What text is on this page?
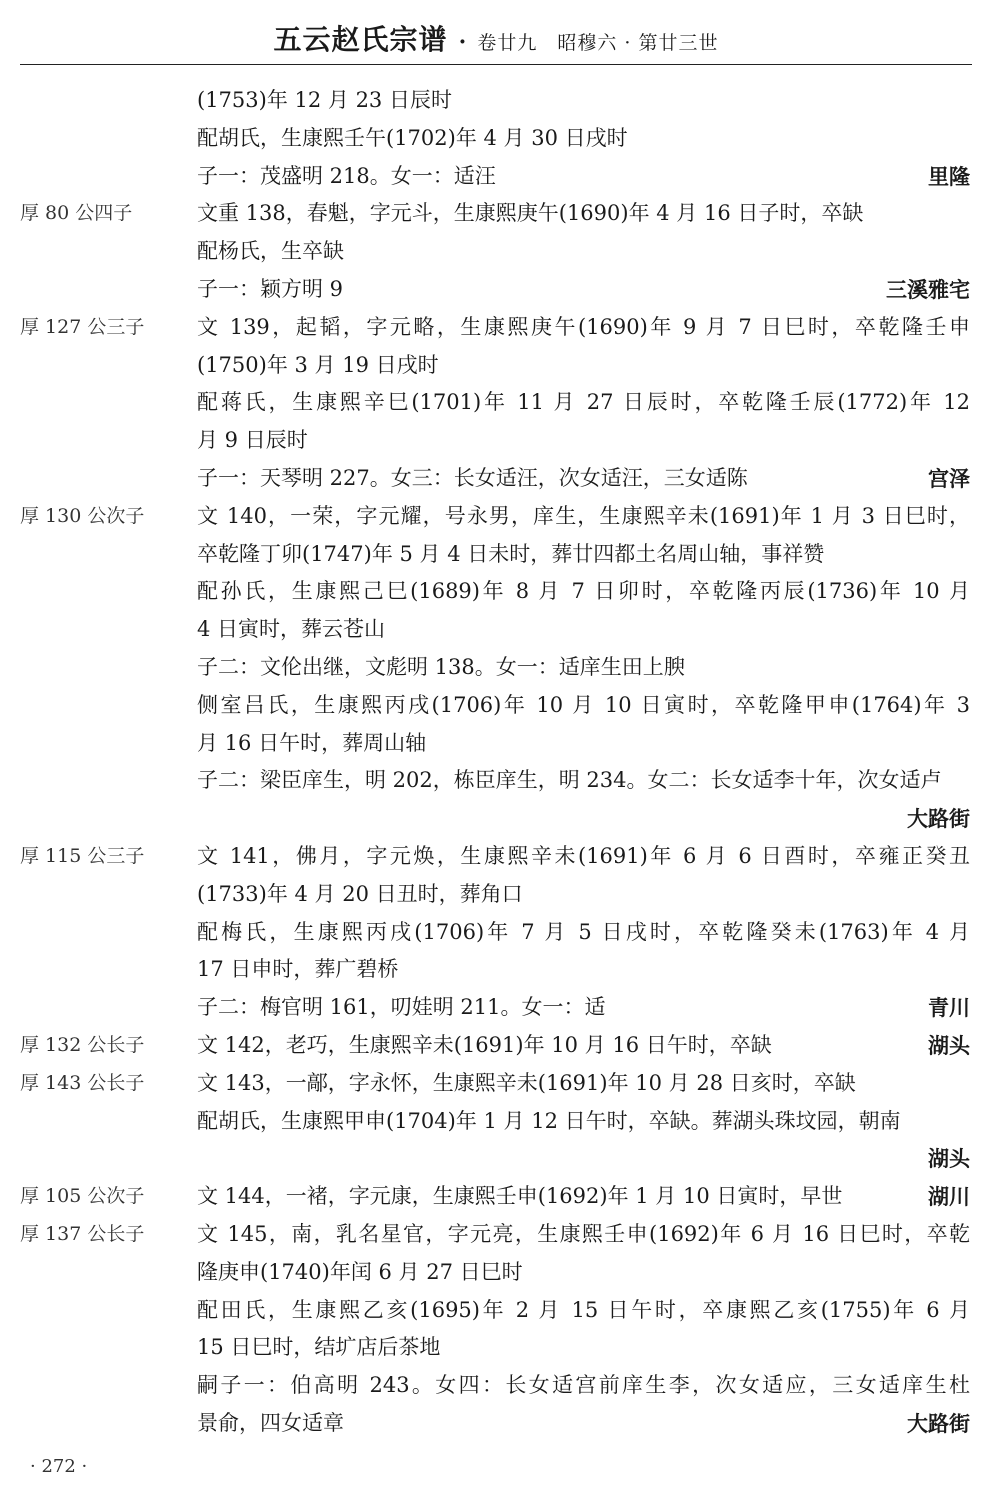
五云赵氏宗谱 · 卷廿九　昭穆六 · 第廿三世
(1753)年 12 月 23 日辰时
配胡氏，生康熙壬午(1702)年 4 月 30 日戌时
子一：茂盛明 218。女一：适汪	里隆
厚 80 公四子	文重 138，春魁，字元斗，生康熙庚午(1690)年 4 月 16 日子时，卒缺
配杨氏，生卒缺
子一：颖方明 9	三溪雅宅
厚 127 公三子	文 139，起韬，字元略，生康熙庚午(1690)年 9 月 7 日巳时，卒乾隆壬申
(1750)年 3 月 19 日戌时
配蒋氏，生康熙辛巳(1701)年 11 月 27 日辰时，卒乾隆壬辰(1772)年 12
月 9 日辰时
子一：天琴明 227。女三：长女适汪，次女适汪，三女适陈	宫泽
厚 130 公次子	文 140，一荣，字元耀，号永男，庠生，生康熙辛未(1691)年 1 月 3 日巳时，
卒乾隆丁卯(1747)年 5 月 4 日未时，葬廿四都土名周山轴，事祥赞
配孙氏，生康熙己巳(1689)年 8 月 7 日卯时，卒乾隆丙辰(1736)年 10 月
4 日寅时，葬云苍山
子二：文伦出继，文彪明 138。女一：适庠生田上腴
侧室吕氏，生康熙丙戌(1706)年 10 月 10 日寅时，卒乾隆甲申(1764)年 3
月 16 日午时，葬周山轴
子二：梁臣庠生，明 202，栋臣庠生，明 234。女二：长女适李十年，次女适卢
大路街
厚 115 公三子	文 141，佛月，字元焕，生康熙辛未(1691)年 6 月 6 日酉时，卒雍正癸丑
(1733)年 4 月 20 日丑时，葬角口
配梅氏，生康熙丙戌(1706)年 7 月 5 日戌时，卒乾隆癸未(1763)年 4 月
17 日申时，葬广碧桥
子二：梅官明 161，叨娃明 211。女一：适	青川
厚 132 公长子	文 142，老巧，生康熙辛未(1691)年 10 月 16 日午时，卒缺	湖头
厚 143 公长子	文 143，一鄗，字永怀，生康熙辛未(1691)年 10 月 28 日亥时，卒缺
配胡氏，生康熙甲申(1704)年 1 月 12 日午时，卒缺。葬湖头珠坟园，朝南
湖头
厚 105 公次子	文 144，一褚，字元康，生康熙壬申(1692)年 1 月 10 日寅时，早世	湖川
厚 137 公长子	文 145，南，乳名星官，字元亮，生康熙壬申(1692)年 6 月 16 日巳时，卒乾
隆庚申(1740)年闰 6 月 27 日巳时
配田氏，生康熙乙亥(1695)年 2 月 15 日午时，卒康熙乙亥(1755)年 6 月
15 日巳时，结圹店后茶地
嗣子一：伯高明 243。女四：长女适宫前庠生李，次女适应，三女适庠生杜
景俞，四女适章	大路街
· 272 ·
